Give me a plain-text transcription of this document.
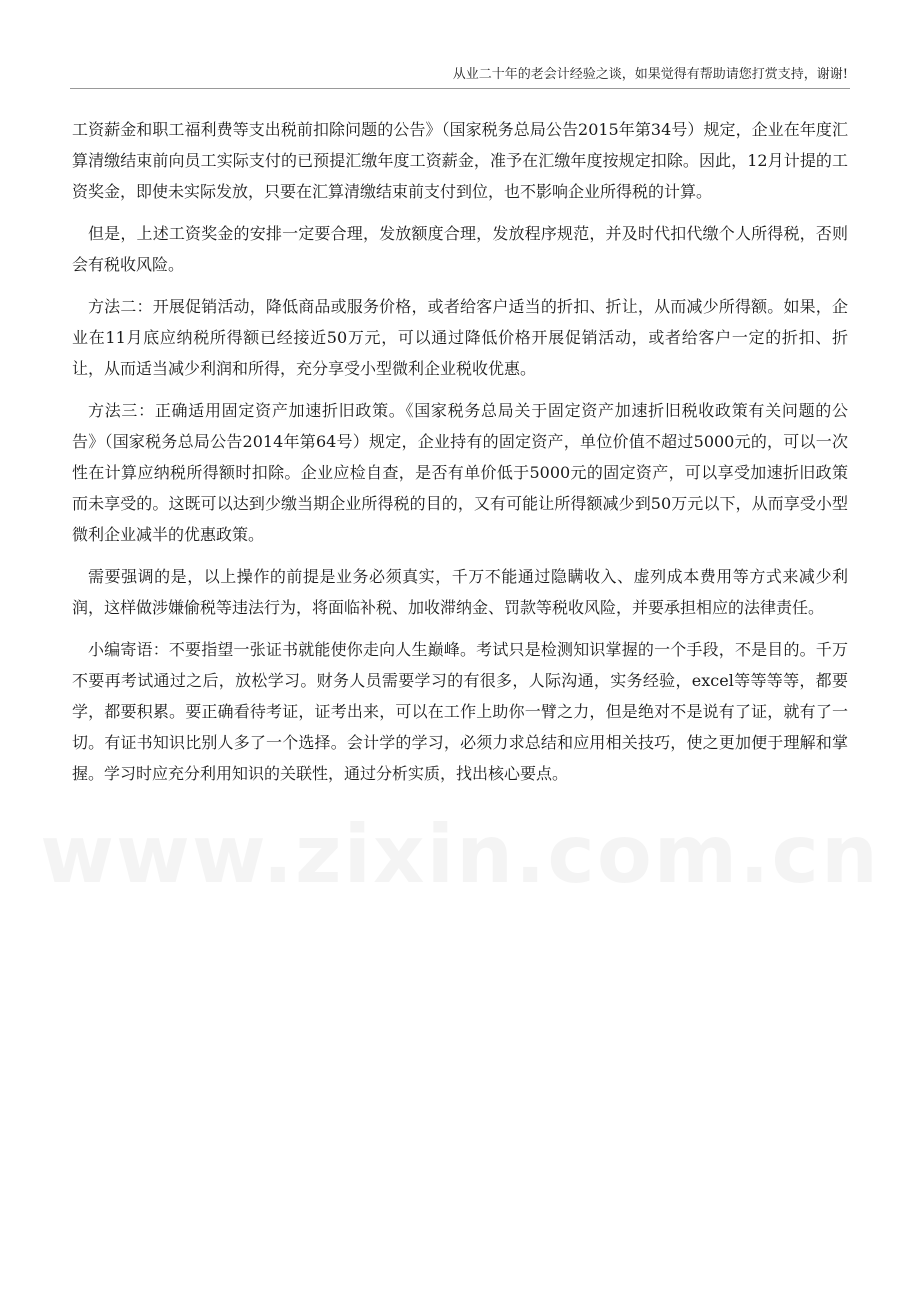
从业二十年的老会计经验之谈，如果觉得有帮助请您打赏支持，谢谢!

工资薪金和职工福利费等支出税前扣除问题的公告》（国家税务总局公告2015年第34号）规定，企业在年度汇算清缴结束前向员工实际支付的已预提汇缴年度工资薪金，准予在汇缴年度按规定扣除。因此，12月计提的工资奖金，即使未实际发放，只要在汇算清缴结束前支付到位，也不影响企业所得税的计算。

但是，上述工资奖金的安排一定要合理，发放额度合理，发放程序规范，并及时代扣代缴个人所得税，否则会有税收风险。

方法二：开展促销活动，降低商品或服务价格，或者给客户适当的折扣、折让，从而减少所得额。如果，企业在11月底应纳税所得额已经接近50万元，可以通过降低价格开展促销活动，或者给客户一定的折扣、折让，从而适当减少利润和所得，充分享受小型微利企业税收优惠。

方法三：正确适用固定资产加速折旧政策。《国家税务总局关于固定资产加速折旧税收政策有关问题的公告》（国家税务总局公告2014年第64号）规定，企业持有的固定资产，单位价值不超过5000元的，可以一次性在计算应纳税所得额时扣除。企业应检自查，是否有单价低于5000元的固定资产，可以享受加速折旧政策而未享受的。这既可以达到少缴当期企业所得税的目的，又有可能让所得额减少到50万元以下，从而享受小型微利企业减半的优惠政策。

需要强调的是，以上操作的前提是业务必须真实，千万不能通过隐瞒收入、虚列成本费用等方式来减少利润，这样做涉嫌偷税等违法行为，将面临补税、加收滞纳金、罚款等税收风险，并要承担相应的法律责任。

小编寄语：不要指望一张证书就能使你走向人生巅峰。考试只是检测知识掌握的一个手段，不是目的。千万不要再考试通过之后，放松学习。财务人员需要学习的有很多，人际沟通，实务经验，excel等等等等，都要学，都要积累。要正确看待考证，证考出来，可以在工作上助你一臂之力，但是绝对不是说有了证，就有了一切。有证书知识比别人多了一个选择。会计学的学习，必须力求总结和应用相关技巧，使之更加便于理解和掌握。学习时应充分利用知识的关联性，通过分析实质，找出核心要点。
